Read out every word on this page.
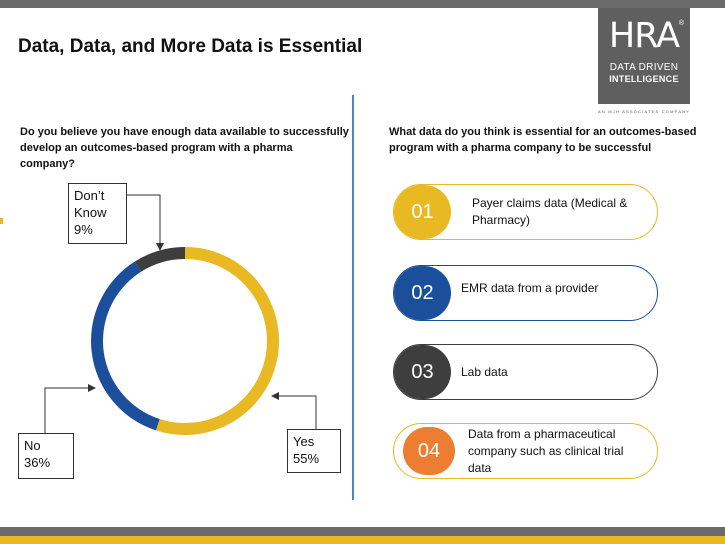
Data, Data, and More Data is Essential	HRA ®
DATA DRIVEN
INTELLIGENCE
AN MJH ASSOCIATES COMPANY
Do you believe you have enough data available to successfully develop an outcomes-based program with a pharma company?
What data do you think is essential for an outcomes-based program with a pharma company to be successful
Don’t
Know
9%
No
36%
Yes
55%
01	Payer claims data (Medical & Pharmacy)
02	EMR data from a provider
03	Lab data
04
Data from a pharmaceutical company such as clinical trial data
